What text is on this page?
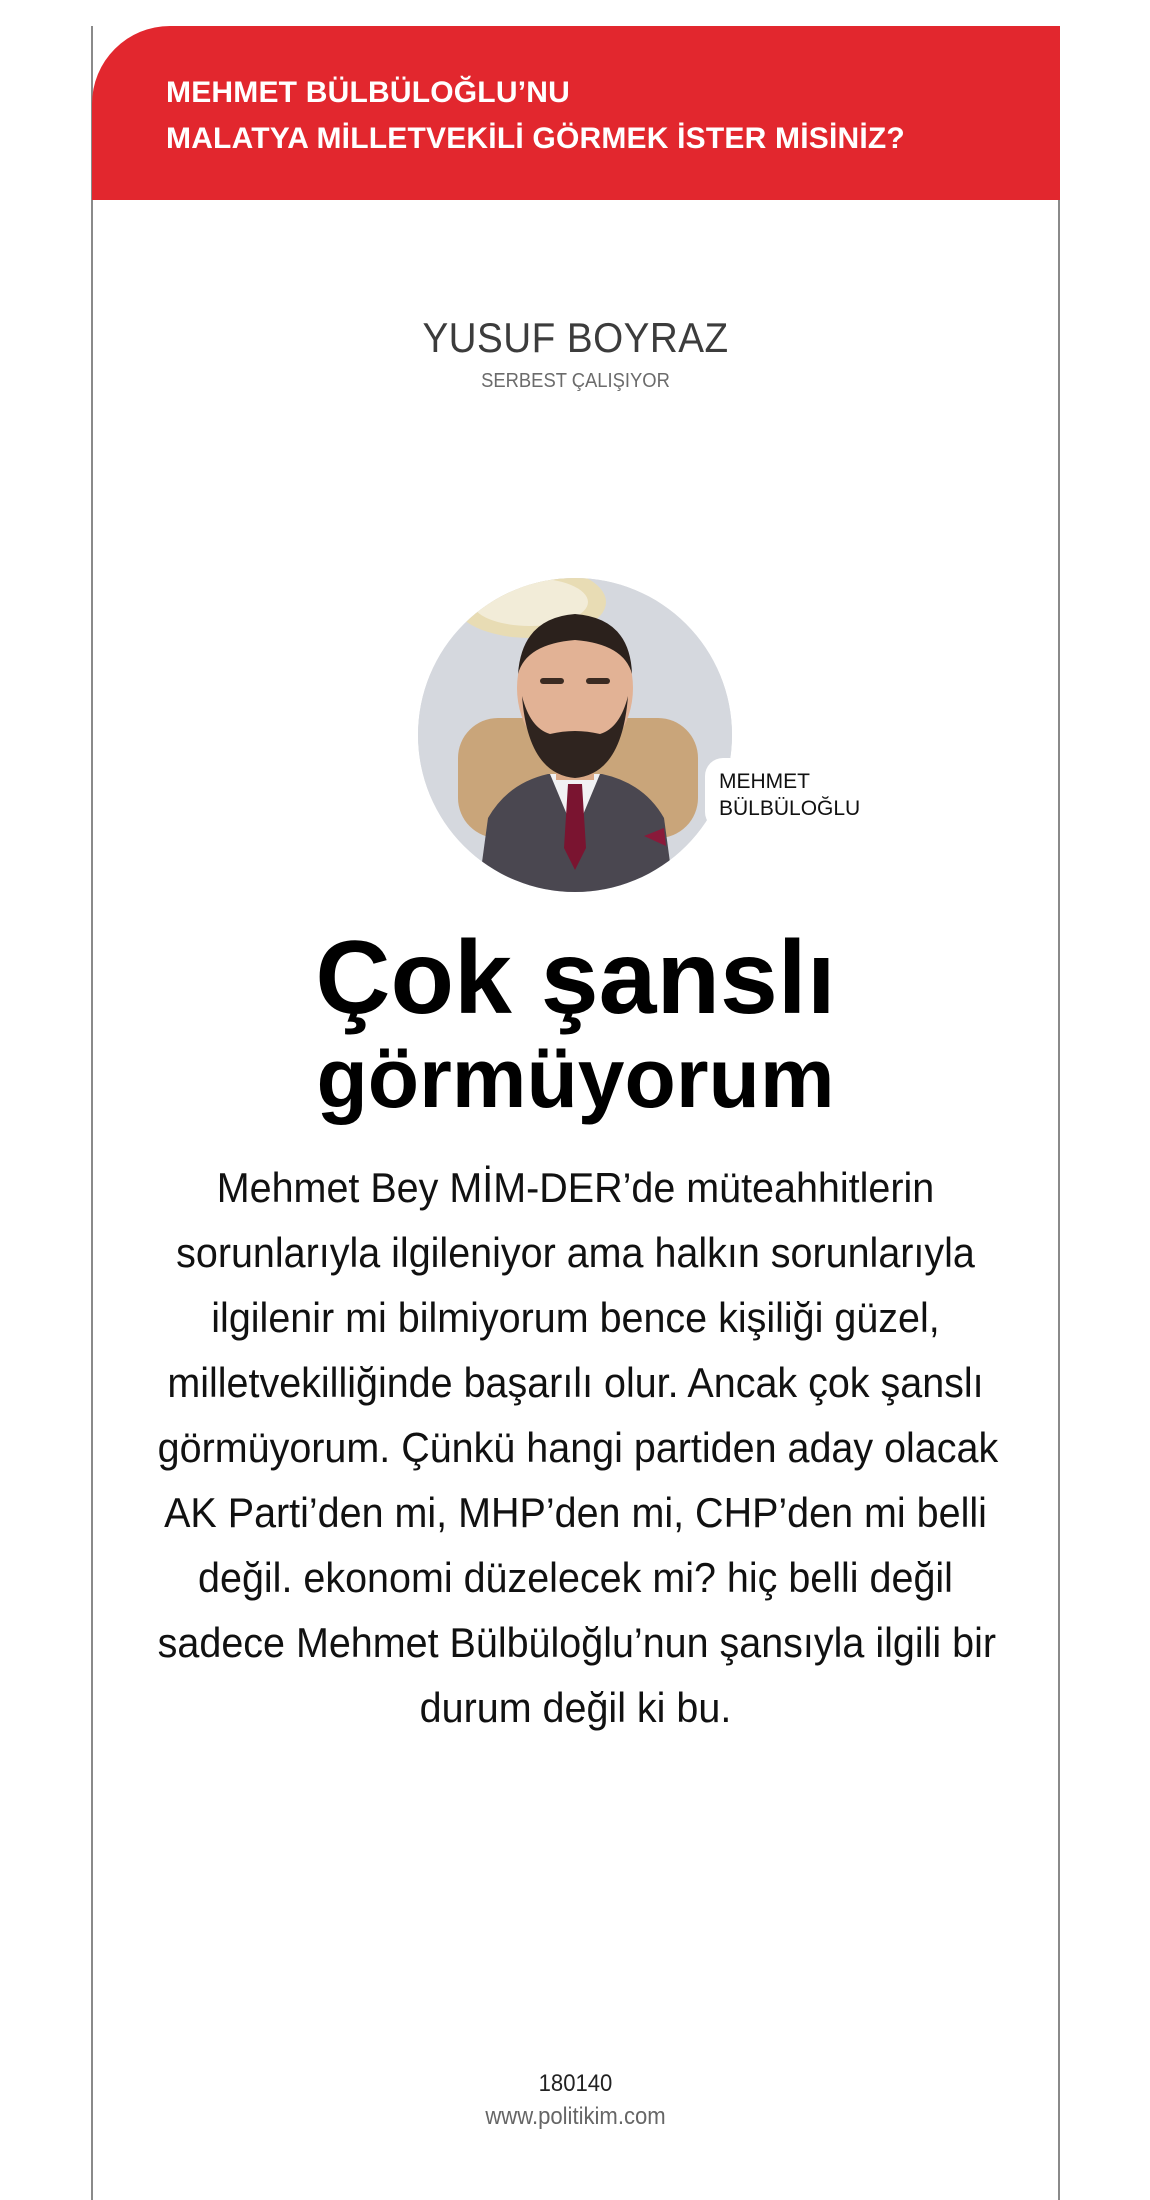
MEHMET BÜLBÜLOĞLU’NU
MALATYA MİLLETVEKİLİ GÖRMEK İSTER MİSİNİZ?
YUSUF BOYRAZ
SERBEST ÇALIŞIYOR
MEHMET
BÜLBÜLOĞLU
Çok şanslı
görmüyorum
Mehmet Bey MİM-DER’de müteahhitlerin
sorunlarıyla ilgileniyor ama halkın sorunlarıyla
ilgilenir mi bilmiyorum bence kişiliği güzel,
milletvekilliğinde başarılı olur. Ancak çok şanslı
görmüyorum. Çünkü hangi partiden aday olacak
AK Parti’den mi, MHP’den mi, CHP’den mi belli
değil. ekonomi düzelecek mi? hiç belli değil
sadece Mehmet Bülbüloğlu’nun şansıyla ilgili bir
durum değil ki bu.
180140
www.politikim.com
